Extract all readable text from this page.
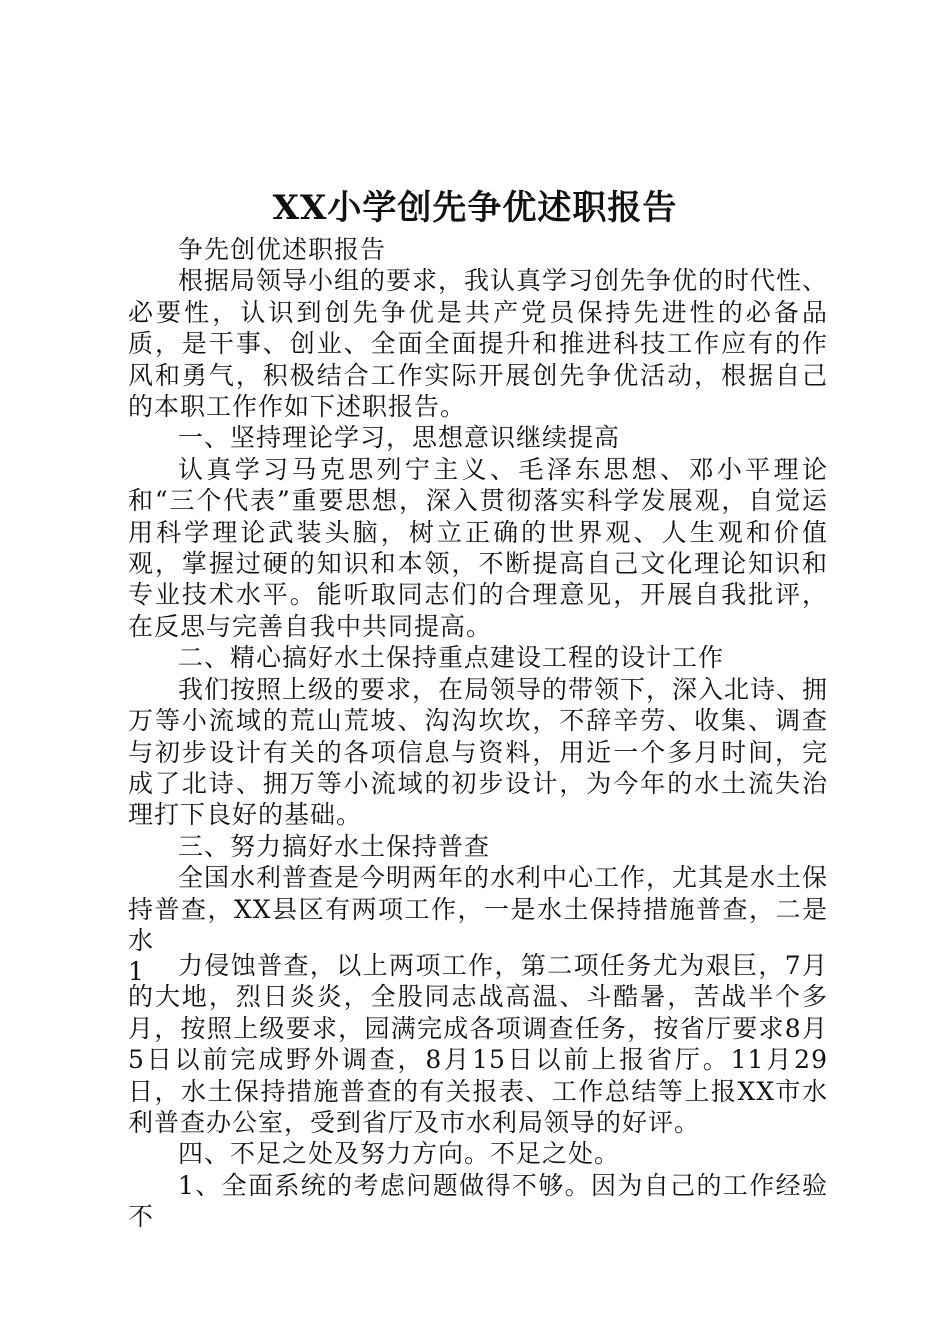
XX小学创先争优述职报告

争先创优述职报告

根据局领导小组的要求，我认真学习创先争优的时代性、必要性，认识到创先争优是共产党员保持先进性的必备品质，是干事、创业、全面全面提升和推进科技工作应有的作风和勇气，积极结合工作实际开展创先争优活动，根据自己的本职工作作如下述职报告。

一、坚持理论学习，思想意识继续提高

认真学习马克思列宁主义、毛泽东思想、邓小平理论和“三个代表”重要思想，深入贯彻落实科学发展观，自觉运用科学理论武装头脑，树立正确的世界观、人生观和价值观，掌握过硬的知识和本领，不断提高自己文化理论知识和专业技术水平。能听取同志们的合理意见，开展自我批评，在反思与完善自我中共同提高。

二、精心搞好水土保持重点建设工程的设计工作

我们按照上级的要求，在局领导的带领下，深入北诗、拥万等小流域的荒山荒坡、沟沟坎坎，不辞辛劳、收集、调查与初步设计有关的各项信息与资料，用近一个多月时间，完成了北诗、拥万等小流域的初步设计，为今年的水土流失治理打下良好的基础。

三、努力搞好水土保持普查

全国水利普查是今明两年的水利中心工作，尤其是水土保持普查，XX县区有两项工作，一是水土保持措施普查，二是水

1	力侵蚀普查，以上两项工作，第二项任务尤为艰巨，7月的大地，烈日炎炎，全股同志战高温、斗酷暑，苦战半个多月，按照上级要求，园满完成各项调查任务，按省厅要求8月5日以前完成野外调查，8月15日以前上报省厅。11月29日，水土保持措施普查的有关报表、工作总结等上报XX市水利普查办公室，受到省厅及市水利局领导的好评。

四、不足之处及努力方向。不足之处。

1、全面系统的考虑问题做得不够。因为自己的工作经验不
